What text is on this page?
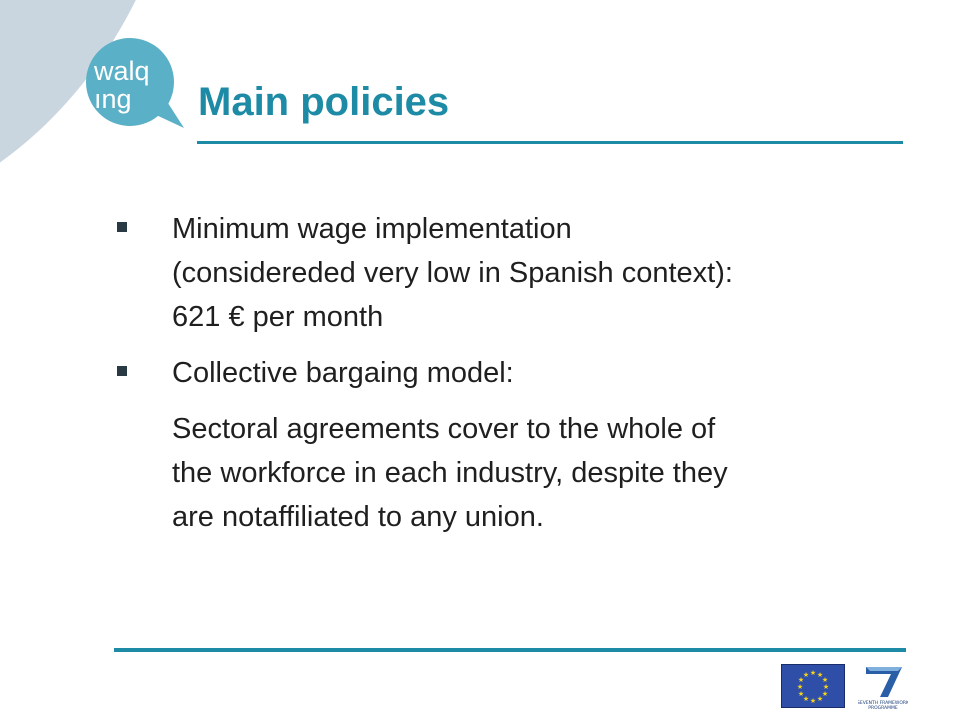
walq
ıng Main policies
Minimum wage implementation
(considereded very low in Spanish context):
621 € per month
Collective bargaing model:
Sectoral agreements cover to the whole of
the workforce in each industry, despite they
are notaffiliated to any union.
★ ★
★
★
★
★
★
★
★
★
★
★
SEVENTH FRAMEWORK
PROGRAMME
